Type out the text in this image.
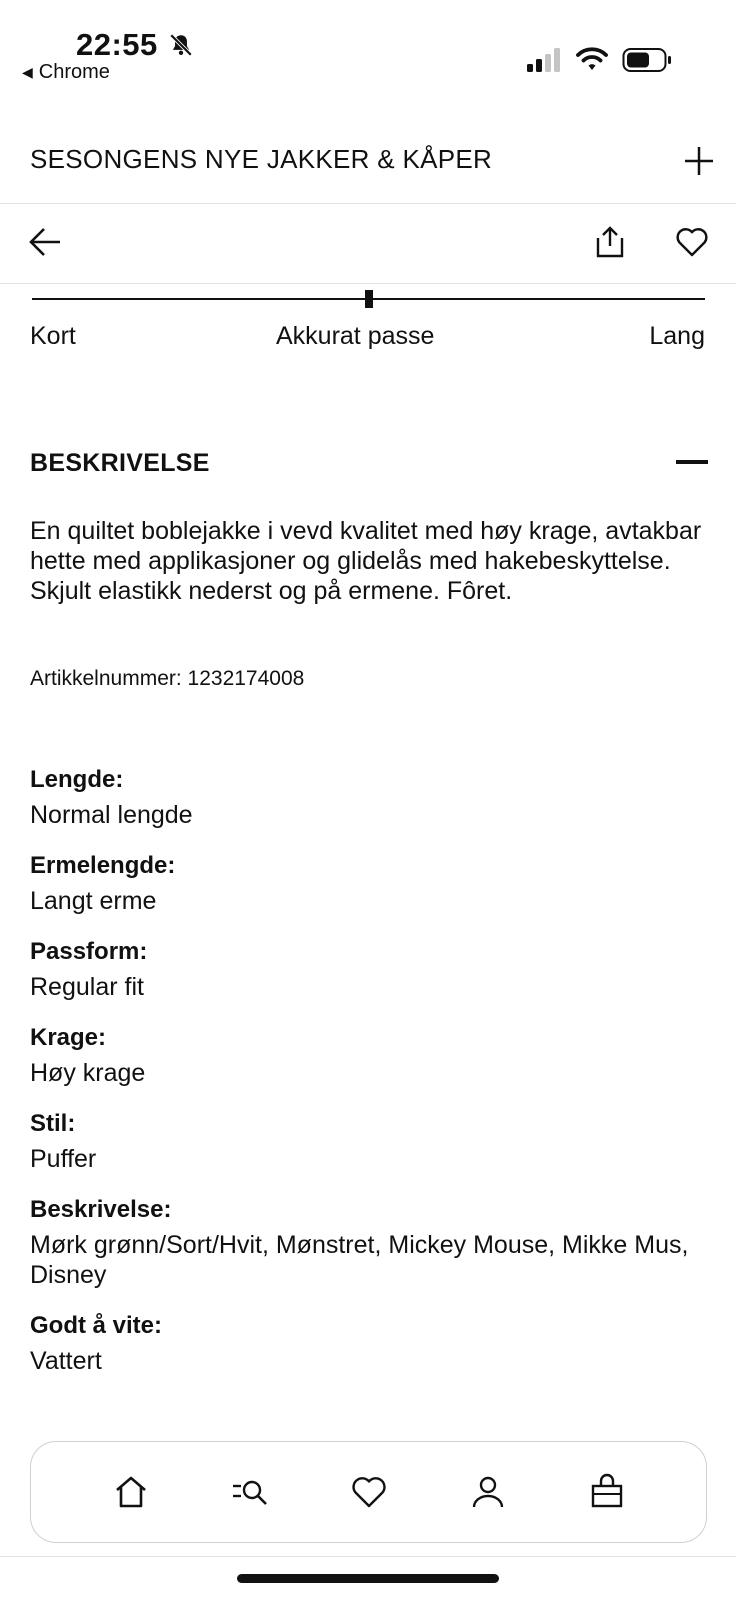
22:55
◀ Chrome
SESONGENS NYE JAKKER & KÅPER
Kort	Akkurat passe	Lang
BESKRIVELSE
En quiltet boblejakke i vevd kvalitet med høy krage, avtakbar hette med applikasjoner og glidelås med hakebeskyttelse. Skjult elastikk nederst og på ermene. Fôret.
Artikkelnummer: 1232174008
Lengde:
Normal lengde
Ermelengde:
Langt erme
Passform:
Regular fit
Krage:
Høy krage
Stil:
Puffer
Beskrivelse:
Mørk grønn/Sort/Hvit, Mønstret, Mickey Mouse, Mikke Mus, Disney
Godt å vite:
Vattert
